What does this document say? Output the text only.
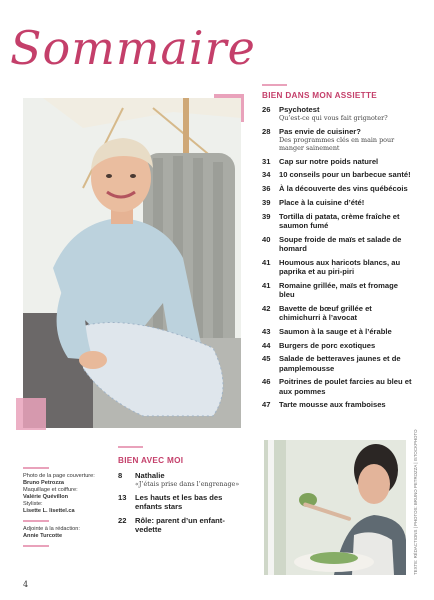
Sommaire
BIEN DANS MON ASSIETTE
26 Psychotest
Qu’est-ce qui vous fait grignoter?
28 Pas envie de cuisiner?
Des programmes clés en main pour manger sainement
31 Cap sur notre poids naturel
34 10 conseils pour un barbecue santé!
36 À la découverte des vins québécois
39 Place à la cuisine d’été!
39 Tortilla di patata, crème fraîche et saumon fumé
40 Soupe froide de maïs et salade de homard
41 Houmous aux haricots blancs, au paprika et au piri-piri
41 Romaine grillée, maïs et fromage bleu
42 Bavette de bœuf grillée et chimichurri à l’avocat
43 Saumon à la sauge et à l’érable
44 Burgers de porc exotiques
45 Salade de betteraves jaunes et de pamplemousse
46 Poitrines de poulet farcies au bleu et aux pommes
47 Tarte mousse aux framboises
BIEN AVEC MOI
8 Nathalie
«J’étais prise dans l’engrenage»
13 Les hauts et les bas des enfants stars
22 Rôle: parent d’un enfant-vedette
Photo de la page couverture:
Bruno Petrozza
Maquillage et coiffure:
Valérie Quévillon
Styliste:
Lisette L. lisettel.ca
Adjointe à la rédaction:
Annie Turcotte	TEXTE: RÉDACTIONS | PHOTOS: BRUNO PETROZZA | ISTOCKPHOTO
4
